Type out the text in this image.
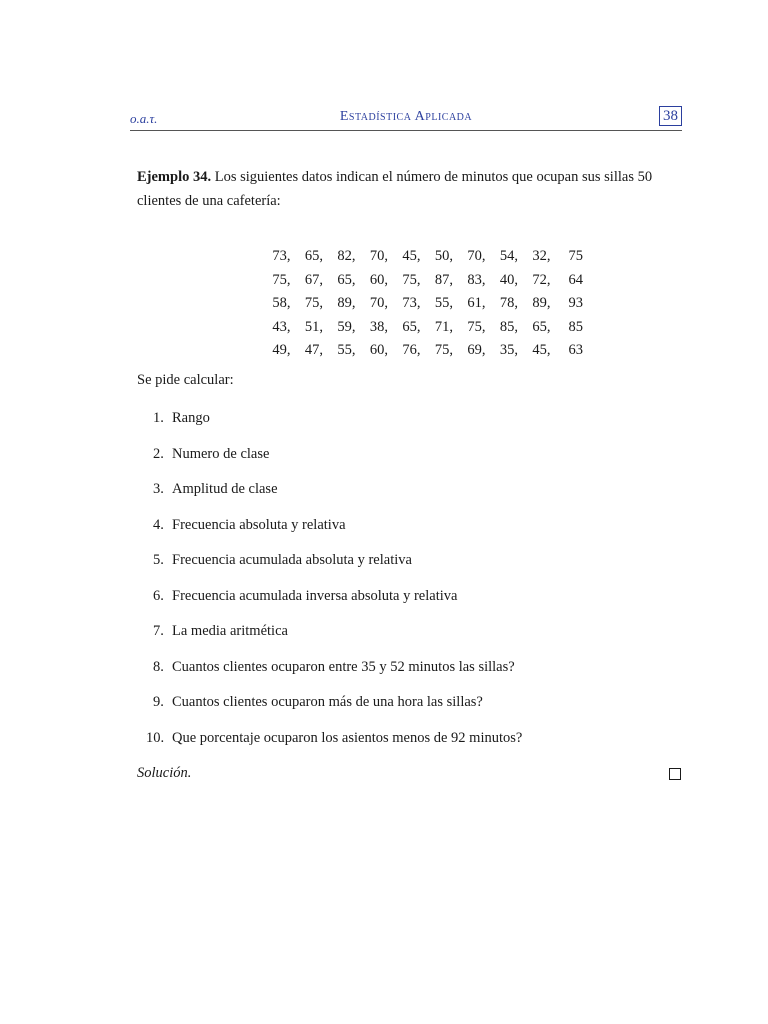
o.a.τ.	Estadística Aplicada	38
Ejemplo 34. Los siguientes datos indican el número de minutos que ocupan sus sillas 50 clientes de una cafetería:
73,	65,	82,	70,	45,	50,	70,	54,	32,	75
75,	67,	65,	60,	75,	87,	83,	40,	72,	64
58,	75,	89,	70,	73,	55,	61,	78,	89,	93
43,	51,	59,	38,	65,	71,	75,	85,	65,	85
49,	47,	55,	60,	76,	75,	69,	35,	45,	63
Se pide calcular:
1. Rango
2. Numero de clase
3. Amplitud de clase
4. Frecuencia absoluta y relativa
5. Frecuencia acumulada absoluta y relativa
6. Frecuencia acumulada inversa absoluta y relativa
7. La media aritmética
8. Cuantos clientes ocuparon entre 35 y 52 minutos las sillas?
9. Cuantos clientes ocuparon más de una hora las sillas?
10. Que porcentaje ocuparon los asientos menos de 92 minutos?
Solución.
